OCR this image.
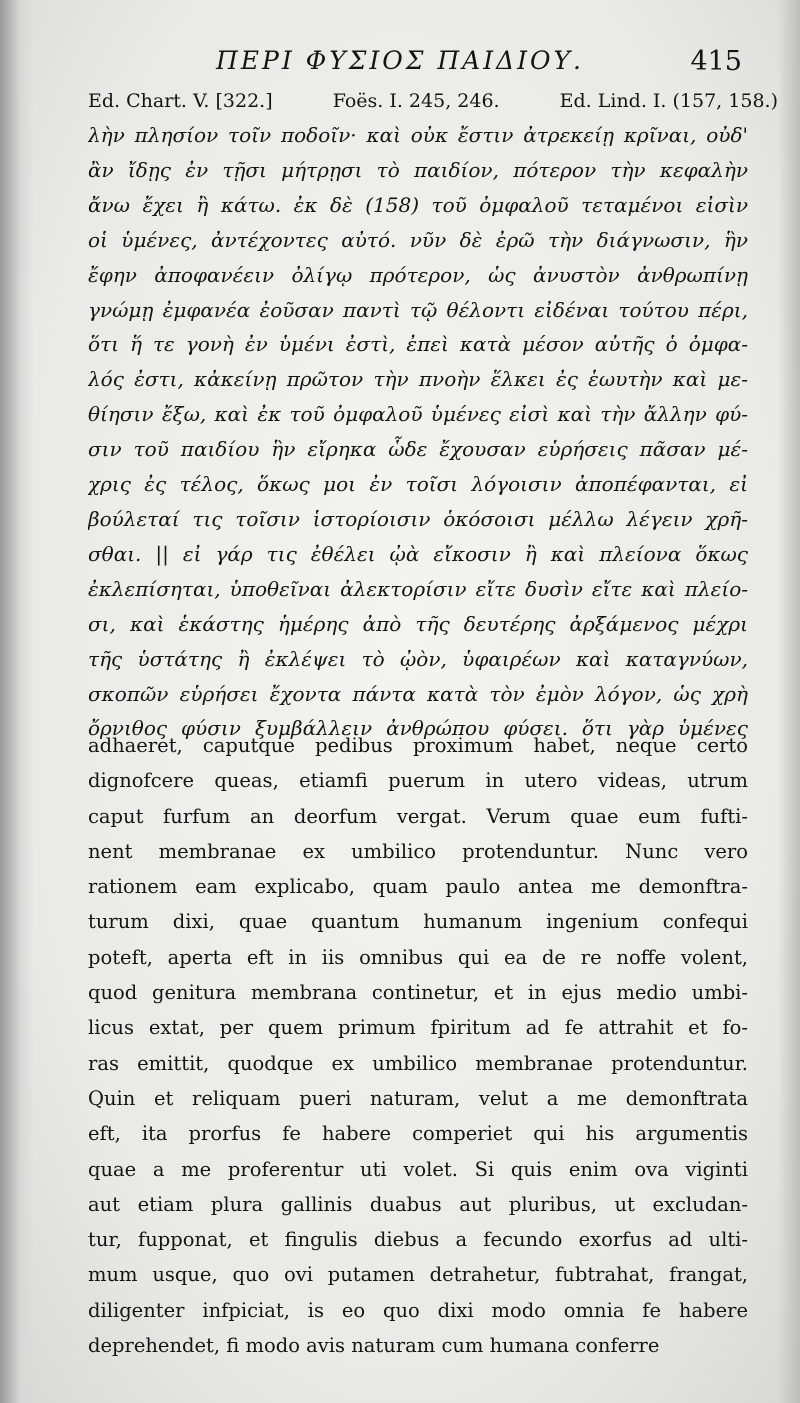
ΠΕΡΙ ΦΥΣΙΟΣ ΠΑΙΔΙΟΥ.	415
Ed. Chart. V. [322.]	Foës. I. 245, 246.	Ed. Lind. I. (157, 158.)
λὴν πλησίον τοῖν ποδοῖν· καὶ οὐκ ἔστιν ἀτρεκείῃ κρῖναι, οὐδ'
ἂν ἴδῃς ἐν τῇσι μήτρῃσι τὸ παιδίον, πότερον τὴν κεφαλὴν
ἄνω ἔχει ἢ κάτω. ἐκ δὲ (158) τοῦ ὀμφαλοῦ τεταμένοι εἰσὶν
οἱ ὑμένες, ἀντέχοντες αὐτό. νῦν δὲ ἐρῶ τὴν διάγνωσιν, ἣν
ἔφην ἀποφανέειν ὀλίγῳ πρότερον, ὡς ἀνυστὸν ἀνθρωπίνῃ
γνώμῃ ἐμφανέα ἐοῦσαν παντὶ τῷ θέλοντι εἰδέναι τούτου πέρι,
ὅτι ἥ τε γονὴ ἐν ὑμένι ἐστὶ, ἐπεὶ κατὰ μέσον αὐτῆς ὁ ὀμφα-
λός ἐστι, κἀκείνῃ πρῶτον τὴν πνοὴν ἕλκει ἐς ἑωυτὴν καὶ με-
θίησιν ἔξω, καὶ ἐκ τοῦ ὀμφαλοῦ ὑμένες εἰσὶ καὶ τὴν ἄλλην φύ-
σιν τοῦ παιδίου ἣν εἴρηκα ὧδε ἔχουσαν εὑρήσεις πᾶσαν μέ-
χρις ἐς τέλος, ὅκως μοι ἐν τοῖσι λόγοισιν ἀποπέφανται, εἰ
βούλεταί τις τοῖσιν ἱστορίοισιν ὁκόσοισι μέλλω λέγειν χρῆ-
σθαι. || εἰ γάρ τις ἐθέλει ᾠὰ εἴκοσιν ἢ καὶ πλείονα ὅκως
ἐκλεπίσηται, ὑποθεῖναι ἀλεκτορίσιν εἴτε δυσὶν εἴτε καὶ πλείο-
σι, καὶ ἑκάστης ἡμέρης ἀπὸ τῆς δευτέρης ἀρξάμενος μέχρι
τῆς ὑστάτης ἢ ἐκλέψει τὸ ᾠὸν, ὑφαιρέων καὶ καταγνύων,
σκοπῶν εὑρήσει ἔχοντα πάντα κατὰ τὸν ἐμὸν λόγον, ὡς χρὴ
ὄρνιθος φύσιν ξυμβάλλειν ἀνθρώπου φύσει. ὅτι γὰρ ὑμένες
adhaeret, caputque pedibus proximum habet, neque certo
dignofcere queas, etiamfi puerum in utero videas, utrum
caput furfum an deorfum vergat. Verum quae eum fufti-
nent membranae ex umbilico protenduntur. Nunc vero
rationem eam explicabo, quam paulo antea me demonftra-
turum dixi, quae quantum humanum ingenium confequi
poteft, aperta eft in iis omnibus qui ea de re noffe volent,
quod genitura membrana continetur, et in ejus medio umbi-
licus extat, per quem primum fpiritum ad fe attrahit et fo-
ras emittit, quodque ex umbilico membranae protenduntur.
Quin et reliquam pueri naturam, velut a me demonftrata
eft, ita prorfus fe habere comperiet qui his argumentis
quae a me proferentur uti volet. Si quis enim ova viginti
aut etiam plura gallinis duabus aut pluribus, ut excludan-
tur, fupponat, et fingulis diebus a fecundo exorfus ad ulti-
mum usque, quo ovi putamen detrahetur, fubtrahat, frangat,
diligenter infpiciat, is eo quo dixi modo omnia fe habere
deprehendet, fi modo avis naturam cum humana conferre
